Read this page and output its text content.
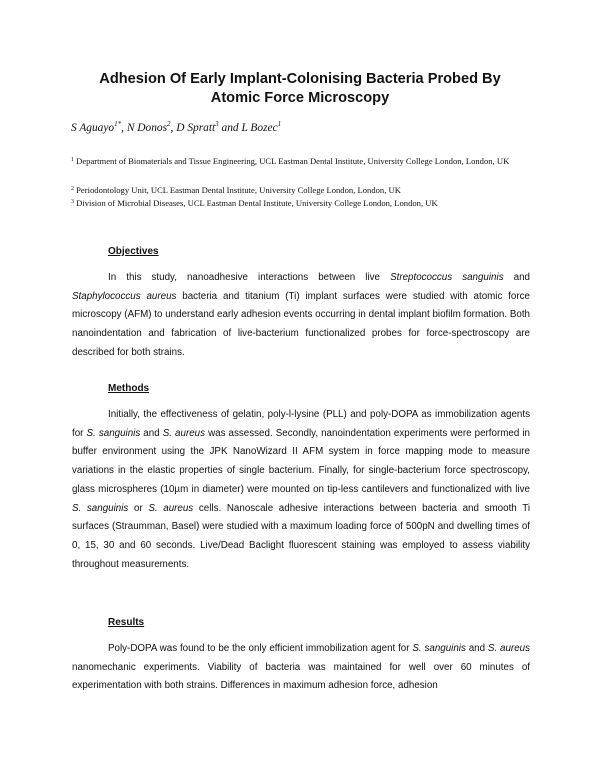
Adhesion Of Early Implant-Colonising Bacteria Probed By
Atomic Force Microscopy
S Aguayo$^{1*}$, N Donos$^2$, D Spratt$^3$ and L Bozec$^1$
$^1$ Department of Biomaterials and Tissue Engineering, UCL Eastman Dental Institute, University College London, London, UK
$^2$ Periodontology Unit, UCL Eastman Dental Institute, University College London, London, UK
$^3$ Division of Microbial Diseases, UCL Eastman Dental Institute, University College London, London, UK
Objectives

In this study, nanoadhesive interactions between live Streptococcus sanguinis and Staphylococcus aureus bacteria and titanium (Ti) implant surfaces were studied with atomic force microscopy (AFM) to understand early adhesion events occurring in dental implant biofilm formation. Both nanoindentation and fabrication of live-bacterium functionalized probes for force-spectroscopy are described for both strains.

Methods

Initially, the effectiveness of gelatin, poly-l-lysine (PLL) and poly-DOPA as immobilization agents for S. sanguinis and S. aureus was assessed. Secondly, nanoindentation experiments were performed in buffer environment using the JPK NanoWizard II AFM system in force mapping mode to measure variations in the elastic properties of single bacterium. Finally, for single-bacterium force spectroscopy, glass microspheres (10µm in diameter) were mounted on tip-less cantilevers and functionalized with live S. sanguinis or S. aureus cells. Nanoscale adhesive interactions between bacteria and smooth Ti surfaces (Straumman, Basel) were studied with a maximum loading force of 500pN and dwelling times of 0, 15, 30 and 60 seconds. Live/Dead Baclight fluorescent staining was employed to assess viability throughout measurements.

Results

Poly-DOPA was found to be the only efficient immobilization agent for S. sanguinis and S. aureus nanomechanic experiments. Viability of bacteria was maintained for well over 60 minutes of experimentation with both strains. Differences in maximum adhesion force, adhesion
